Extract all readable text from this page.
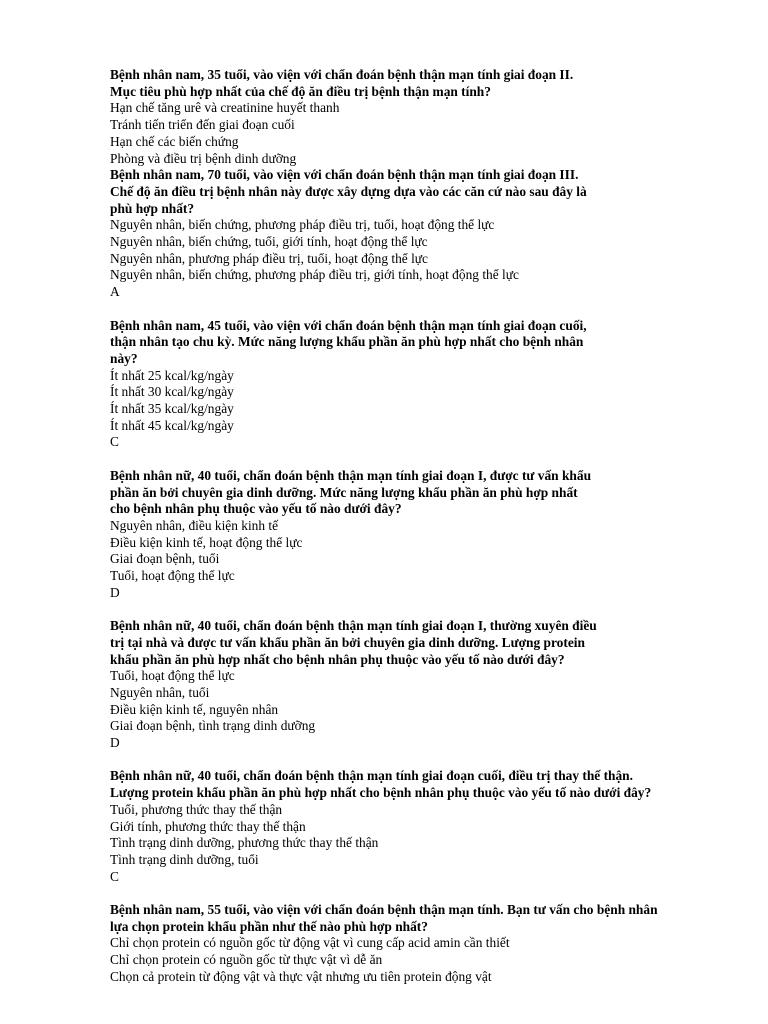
Bệnh nhân nam, 35 tuổi, vào viện với chẩn đoán bệnh thận mạn tính giai đoạn II.

Mục tiêu phù hợp nhất của chế độ ăn điều trị bệnh thận mạn tính?

Hạn chế tăng urê và creatinine huyết thanh

Tránh tiến triển đến giai đoạn cuối

Hạn chế các biến chứng

Phòng và điều trị bệnh dinh dưỡng

Bệnh nhân nam, 70 tuổi, vào viện với chẩn đoán bệnh thận mạn tính giai đoạn III.

Chế độ ăn điều trị bệnh nhân này được xây dựng dựa vào các căn cứ nào sau đây là

phù hợp nhất?

Nguyên nhân, biến chứng, phương pháp điều trị, tuổi, hoạt động thể lực

Nguyên nhân, biến chứng, tuổi, giới tính, hoạt động thể lực

Nguyên nhân, phương pháp điều trị, tuổi, hoạt động thể lực

Nguyên nhân, biến chứng, phương pháp điều trị, giới tính, hoạt động thể lực

A

Bệnh nhân nam, 45 tuổi, vào viện với chẩn đoán bệnh thận mạn tính giai đoạn cuối,

thận nhân tạo chu kỳ. Mức năng lượng khẩu phần ăn phù hợp nhất cho bệnh nhân

này?

Ít nhất 25 kcal/kg/ngày

Ít nhất 30 kcal/kg/ngày

Ít nhất 35 kcal/kg/ngày

Ít nhất 45 kcal/kg/ngày

C

Bệnh nhân nữ, 40 tuổi, chẩn đoán bệnh thận mạn tính giai đoạn I, được tư vấn khẩu

phần ăn bởi chuyên gia dinh dưỡng. Mức năng lượng khẩu phần ăn phù hợp nhất

cho bệnh nhân phụ thuộc vào yếu tố nào dưới đây?

Nguyên nhân, điều kiện kinh tế

Điều kiện kinh tế, hoạt động thể lực

Giai đoạn bệnh, tuổi

Tuổi, hoạt động thể lực

D

Bệnh nhân nữ, 40 tuổi, chẩn đoán bệnh thận mạn tính giai đoạn I, thường xuyên điều

trị tại nhà và được tư vấn khẩu phần ăn bởi chuyên gia dinh dưỡng. Lượng protein

khẩu phần ăn phù hợp nhất cho bệnh nhân phụ thuộc vào yếu tố nào dưới đây?

Tuổi, hoạt động thể lực

Nguyên nhân, tuổi

Điều kiện kinh tế, nguyên nhân

Giai đoạn bệnh, tình trạng dinh dưỡng

D

Bệnh nhân nữ, 40 tuổi, chẩn đoán bệnh thận mạn tính giai đoạn cuối, điều trị thay thế thận.

Lượng protein khẩu phần ăn phù hợp nhất cho bệnh nhân phụ thuộc vào yếu tố nào dưới đây?

Tuổi, phương thức thay thế thận

Giới tính, phương thức thay thế thận

Tình trạng dinh dưỡng, phương thức thay thế thận

Tình trạng dinh dưỡng, tuổi

C

Bệnh nhân nam, 55 tuổi, vào viện với chẩn đoán bệnh thận mạn tính. Bạn tư vấn cho bệnh nhân

lựa chọn protein khẩu phần như thế nào phù hợp nhất?

Chỉ chọn protein có nguồn gốc từ động vật vì cung cấp acid amin cần thiết

Chỉ chọn protein có nguồn gốc từ thực vật vì dễ ăn

Chọn cả protein từ động vật và thực vật nhưng ưu tiên protein động vật
